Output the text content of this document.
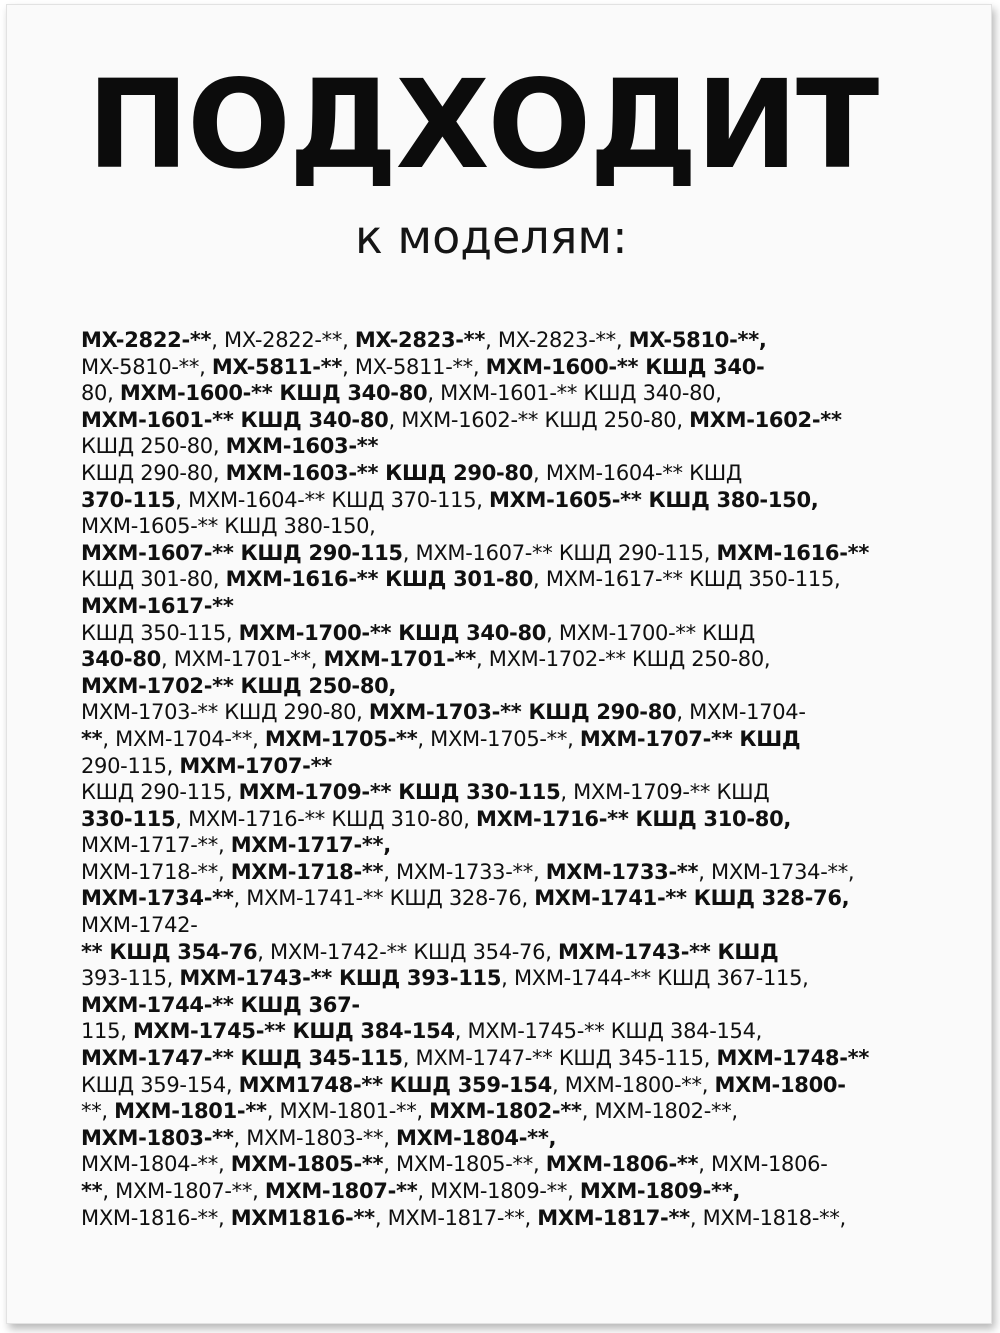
ПОДХОДИТ
к моделям:
MX-2822-**, MX-2822-**, MX-2823-**, MX-2823-**, MX-5810-**,
MX-5810-**, MX-5811-**, MX-5811-**, MXM-1600-** КШД 340-
80, MXM-1600-** КШД 340-80, MXM-1601-** КШД 340-80,
MXM-1601-** КШД 340-80, MXM-1602-** КШД 250-80, MXM-1602-**
КШД 250-80, MXM-1603-**
КШД 290-80, MXM-1603-** КШД 290-80, MXM-1604-** КШД
370-115, MXM-1604-** КШД 370-115, MXM-1605-** КШД 380-150,
MXM-1605-** КШД 380-150,
MXM-1607-** КШД 290-115, MXM-1607-** КШД 290-115, MXM-1616-**
КШД 301-80, MXM-1616-** КШД 301-80, MXM-1617-** КШД 350-115,
MXM-1617-**
КШД 350-115, MXM-1700-** КШД 340-80, MXM-1700-** КШД
340-80, MXM-1701-**, MXM-1701-**, MXM-1702-** КШД 250-80,
MXM-1702-** КШД 250-80,
MXM-1703-** КШД 290-80, MXM-1703-** КШД 290-80, MXM-1704-
**, MXM-1704-**, MXM-1705-**, MXM-1705-**, MXM-1707-** КШД
290-115, MXM-1707-**
КШД 290-115, MXM-1709-** КШД 330-115, MXM-1709-** КШД
330-115, MXM-1716-** КШД 310-80, MXM-1716-** КШД 310-80,
MXM-1717-**, MXM-1717-**,
MXM-1718-**, MXM-1718-**, MXM-1733-**, MXM-1733-**, MXM-1734-**,
MXM-1734-**, MXM-1741-** КШД 328-76, MXM-1741-** КШД 328-76,
MXM-1742-
** КШД 354-76, MXM-1742-** КШД 354-76, MXM-1743-** КШД
393-115, MXM-1743-** КШД 393-115, MXM-1744-** КШД 367-115,
MXM-1744-** КШД 367-
115, MXM-1745-** КШД 384-154, MXM-1745-** КШД 384-154,
MXM-1747-** КШД 345-115, MXM-1747-** КШД 345-115, MXM-1748-**
КШД 359-154, MXM1748-** КШД 359-154, MXM-1800-**, MXM-1800-
**, MXM-1801-**, MXM-1801-**, MXM-1802-**, MXM-1802-**,
MXM-1803-**, MXM-1803-**, MXM-1804-**,
MXM-1804-**, MXM-1805-**, MXM-1805-**, MXM-1806-**, MXM-1806-
**, MXM-1807-**, MXM-1807-**, MXM-1809-**, MXM-1809-**,
MXM-1816-**, MXM1816-**, MXM-1817-**, MXM-1817-**, MXM-1818-**,
